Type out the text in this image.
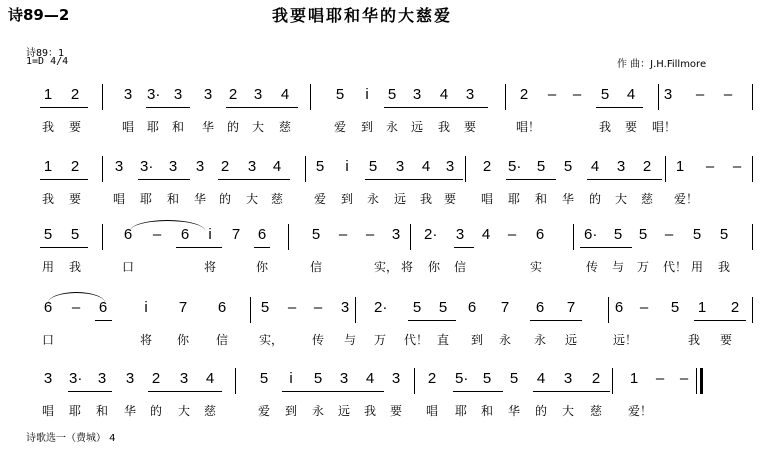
诗89—2	我要唱耶和华的大慈爱
诗89：1
1=D 4/4	作 曲：J.H.Fillmore
诗歌选一（费城） 4
1 2	3 3· 3 3 2 3 4	5 i 5 3 4 3	2 – – 5 4 3 – –
我 要	唱 耶 和 华 的 大 慈	爱 到 永 远 我 要	唱！	我 要 唱！
1 2 3 3· 3 3 2 3 4 5 i 5 3 4 3 2 5· 5 5 4 3 2 1 – –
我 要	唱 耶 和 华 的 大 慈	爱 到 永 远 我 要 唱 耶 和 华 的 大 慈 爱！
5 5	6 – 6 i 7 6	5 – – 3 2· 3 4 – 6	6· 5 5 – 5 5
用 我	口	将	你	信	实， 将 你 信	实	传 与 万 代！ 用 我
6 – 6 i 7 6 5 – – 3 2· 5 5 6 7 6 7	6 – 5 1 2
口	将 你 信	实， 传 与 万 代！ 直 到 永 永 远	远！	我 要
3 3· 3 3 2 3 4	5 i 5 3 4 3 2 5· 5 5 4 3 2 1 – –
唱 耶 和 华 的 大 慈	爱 到 永 远 我 要 唱 耶 和 华 的 大 慈 爱！
